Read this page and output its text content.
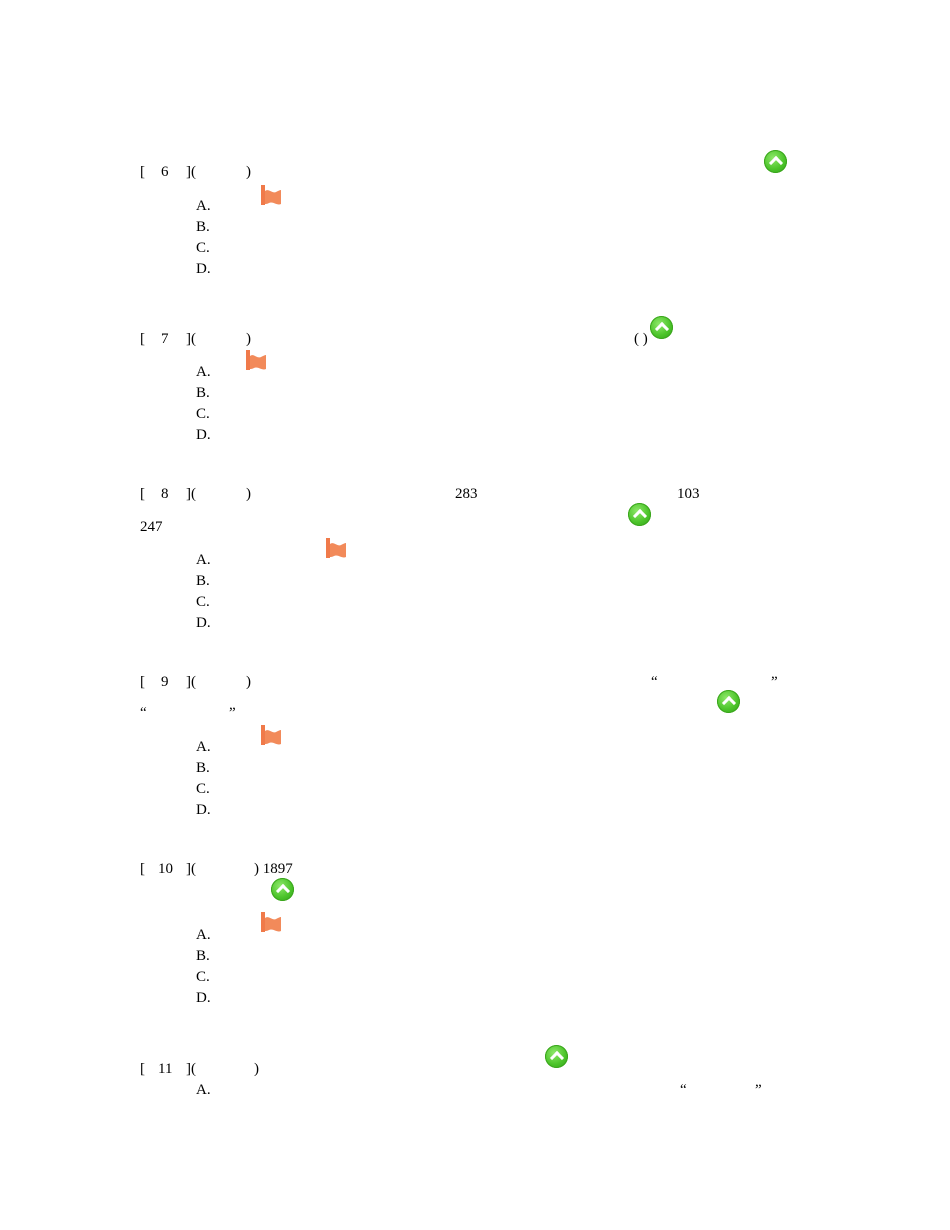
[ 6 ](	)
A.
B.
C.
D.
[ 7 ](	)	( )
A.
B.
C.
D.
[ 8 ](	)	283	103
247
A.
B.
C.
D.
[ 9 ](	)	“	”
“	”
A.
B.
C.
D.
[ 10 ](	) 1897
A.
B.
C.
D.
[ 11 ](	)
A.	“	”
